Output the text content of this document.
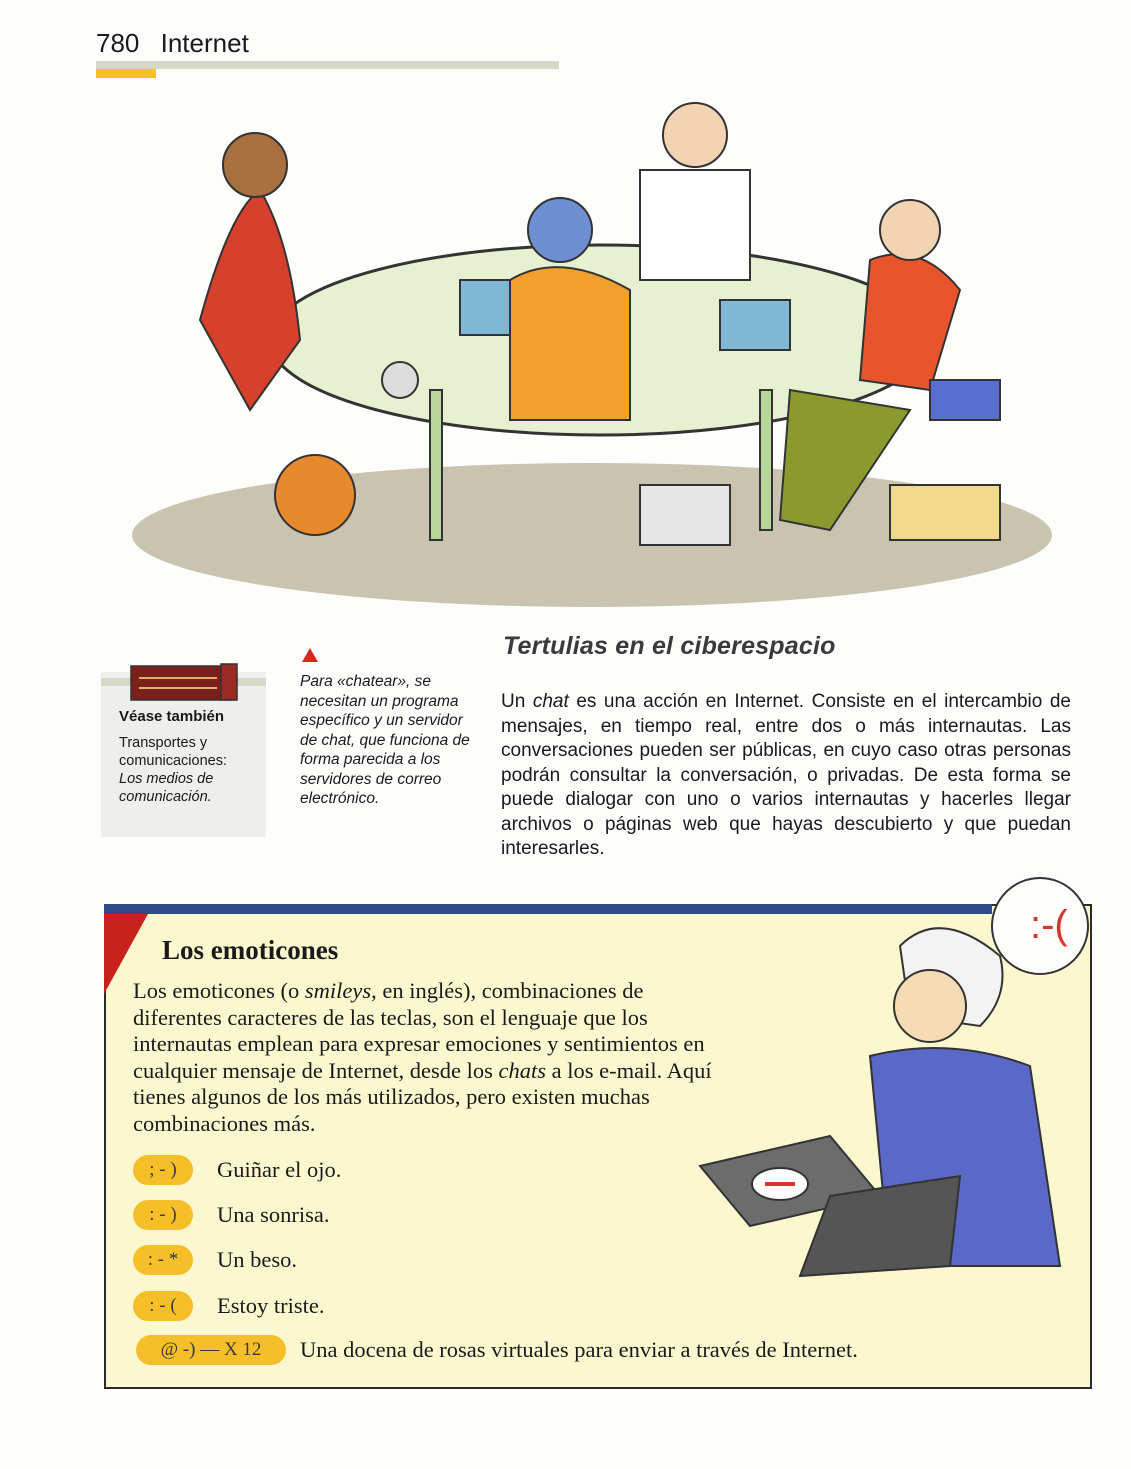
780 Internet
Véase también
Transportes y
comunicaciones:
Los medios de comunicación.
Para «chatear», se necesitan un programa específico y un servidor de chat, que funciona de forma parecida a los servidores de correo electrónico.
Tertulias en el ciberespacio
Un chat es una acción en Internet. Consiste en el intercambio de mensajes, en tiempo real, entre dos o más internautas. Las conversaciones pueden ser públicas, en cuyo caso otras personas podrán consultar la conversación, o privadas. De esta forma se puede dialogar con uno o varios internautas y hacerles llegar archivos o páginas web que hayas descubierto y que puedan interesarles.
:-(
Los emoticones
Los emoticones (o smileys, en inglés), combinaciones de diferentes caracteres de las teclas, son el lenguaje que los internautas emplean para expresar emociones y sentimientos en cualquier mensaje de Internet, desde los chats a los e-mail. Aquí tienes algunos de los más utilizados, pero existen muchas combinaciones más.
; - )	Guiñar el ojo.
: - )	Una sonrisa.
: - *	Un beso.
: - (	Estoy triste.
@ -) — X 12	Una docena de rosas virtuales para enviar a través de Internet.
